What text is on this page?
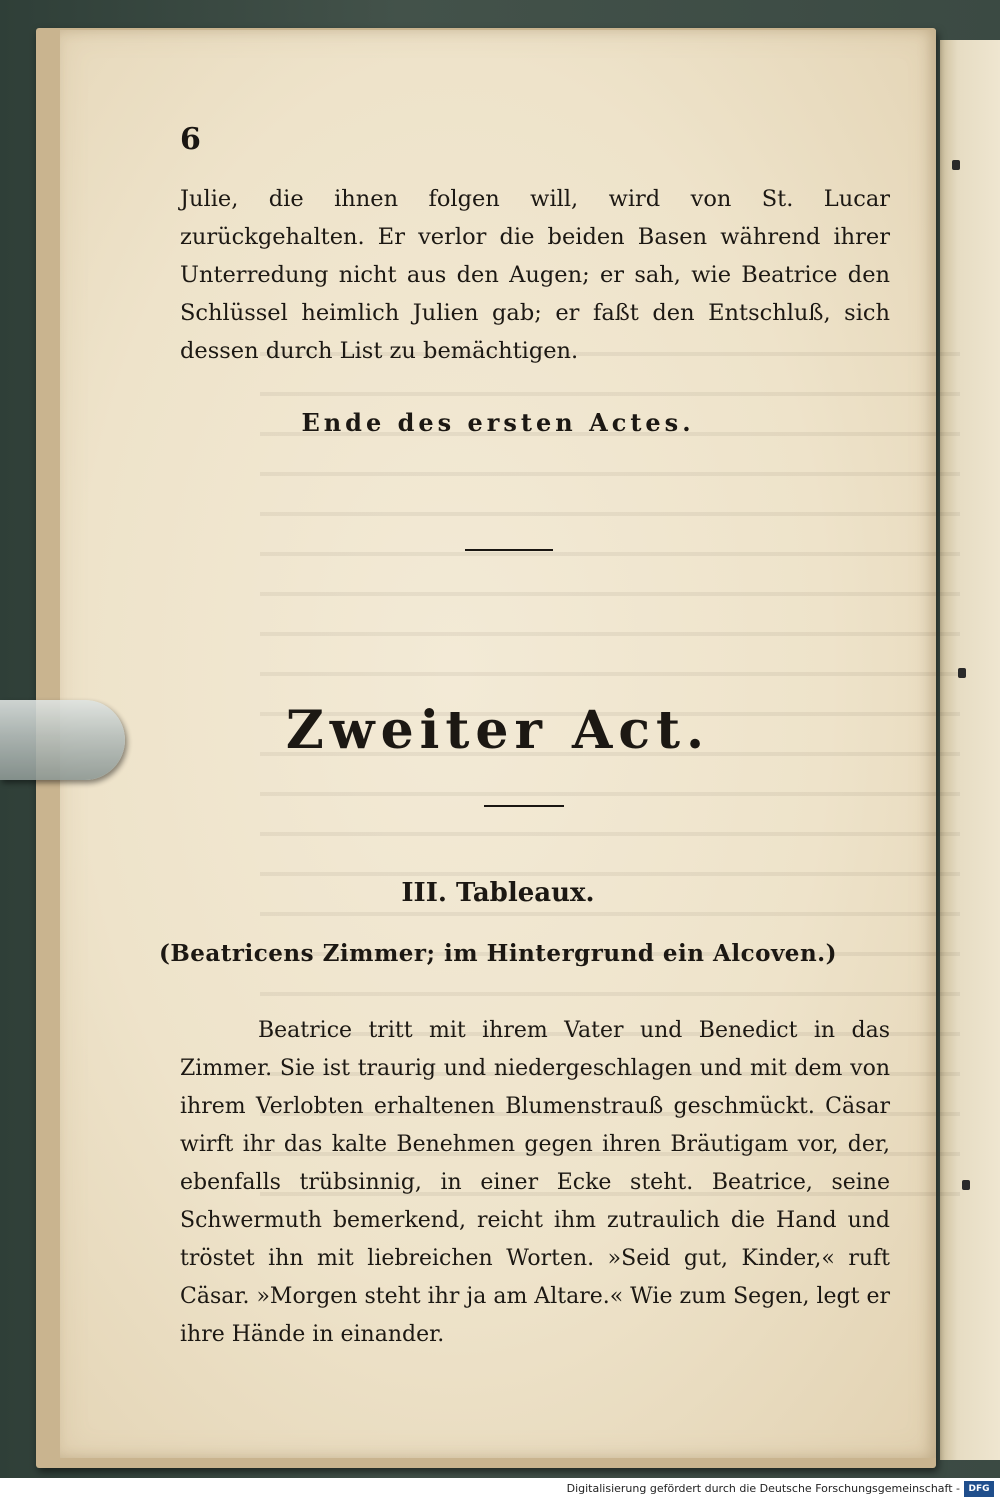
6

Julie, die ihnen folgen will, wird von St. Lucar zurückgehalten. Er verlor die beiden Basen während ihrer Unterredung nicht aus den Augen; er sah, wie Beatrice den Schlüssel heimlich Julien gab; er faßt den Entschluß, sich dessen durch List zu bemächtigen.

Ende des ersten Actes.

Zweiter Act.

III. Tableaux.

(Beatricens Zimmer; im Hintergrund ein Alcoven.)

Beatrice tritt mit ihrem Vater und Benedict in das Zimmer. Sie ist traurig und niedergeschlagen und mit dem von ihrem Verlobten erhaltenen Blumenstrauß geschmückt. Cäsar wirft ihr das kalte Benehmen gegen ihren Bräutigam vor, der, ebenfalls trübsinnig, in einer Ecke steht. Beatrice, seine Schwermuth bemerkend, reicht ihm zutraulich die Hand und tröstet ihn mit liebreichen Worten. »Seid gut, Kinder,« ruft Cäsar. »Morgen steht ihr ja am Altare.« Wie zum Segen, legt er ihre Hände in einander.

Digitalisierung gefördert durch die Deutsche Forschungsgemeinschaft - DFG
